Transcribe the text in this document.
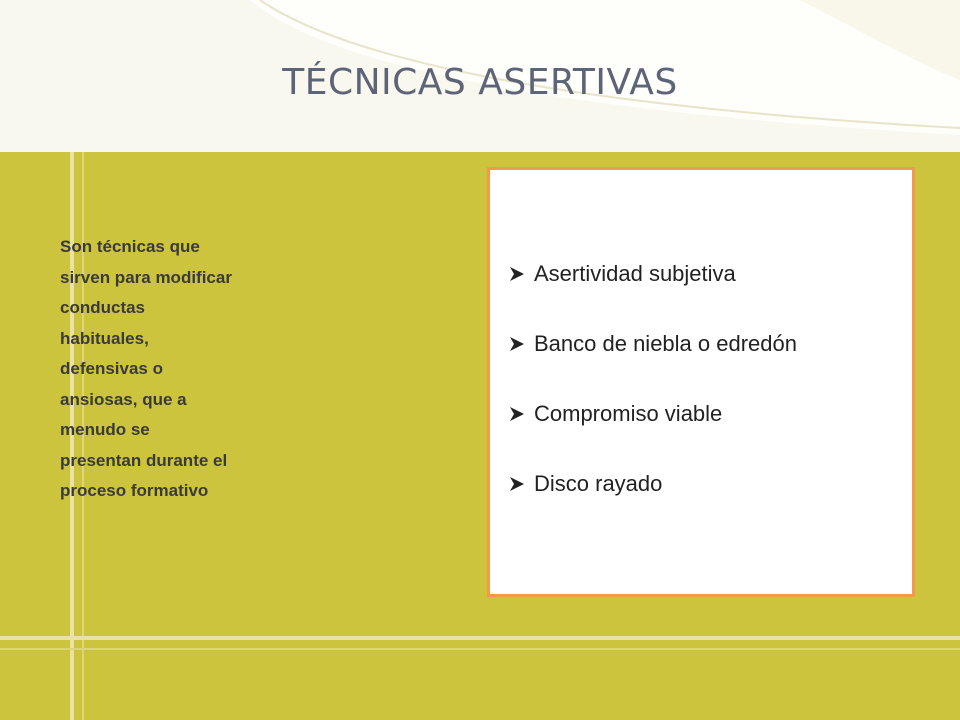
TÉCNICAS ASERTIVAS

Son técnicas que
sirven para modificar
conductas
habituales,
defensivas o
ansiosas, que a
menudo se
presentan durante el
proceso formativo

Asertividad subjetiva
Banco de niebla o edredón
Compromiso viable
Disco rayado
